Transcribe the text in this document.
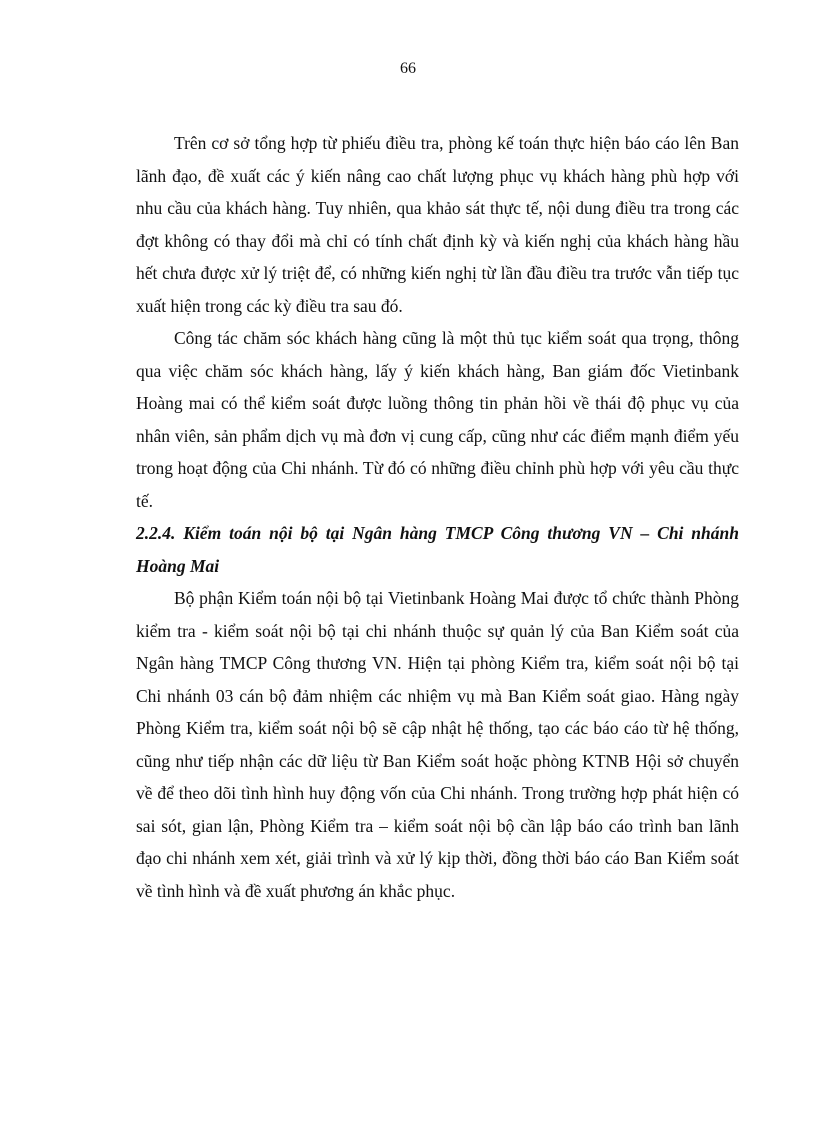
66

Trên cơ sở tổng hợp từ phiếu điều tra, phòng kế toán thực hiện báo cáo lên Ban lãnh đạo, đề xuất các ý kiến nâng cao chất lượng phục vụ khách hàng phù hợp với nhu cầu của khách hàng. Tuy nhiên, qua khảo sát thực tế, nội dung điều tra trong các đợt không có thay đổi mà chỉ có tính chất định kỳ và kiến nghị của khách hàng hầu hết chưa được xử lý triệt để, có những kiến nghị từ lần đầu điều tra trước vẫn tiếp tục xuất hiện trong các kỳ điều tra sau đó.

Công tác chăm sóc khách hàng cũng là một thủ tục kiểm soát qua trọng, thông qua việc chăm sóc khách hàng, lấy ý kiến khách hàng, Ban giám đốc Vietinbank Hoàng mai có thể kiểm soát được luồng thông tin phản hồi về thái độ phục vụ của nhân viên, sản phẩm dịch vụ mà đơn vị cung cấp, cũng như các điểm mạnh điểm yếu trong hoạt động của Chi nhánh. Từ đó có những điều chỉnh phù hợp với yêu cầu thực tế.

2.2.4. Kiểm toán nội bộ tại Ngân hàng TMCP Công thương VN – Chi nhánh Hoàng Mai

Bộ phận Kiểm toán nội bộ tại Vietinbank Hoàng Mai được tổ chức thành Phòng kiểm tra - kiểm soát nội bộ tại chi nhánh thuộc sự quản lý của Ban Kiểm soát của Ngân hàng TMCP Công thương VN. Hiện tại phòng Kiểm tra, kiểm soát nội bộ tại Chi nhánh 03 cán bộ đảm nhiệm các nhiệm vụ mà Ban Kiểm soát giao. Hàng ngày Phòng Kiểm tra, kiểm soát nội bộ sẽ cập nhật hệ thống, tạo các báo cáo từ hệ thống, cũng như tiếp nhận các dữ liệu từ Ban Kiểm soát hoặc phòng KTNB Hội sở chuyển về để theo dõi tình hình huy động vốn của Chi nhánh. Trong trường hợp phát hiện có sai sót, gian lận, Phòng Kiểm tra – kiểm soát nội bộ cần lập báo cáo trình ban lãnh đạo chi nhánh xem xét, giải trình và xử lý kịp thời, đồng thời báo cáo Ban Kiểm soát về tình hình và đề xuất phương án khắc phục.
